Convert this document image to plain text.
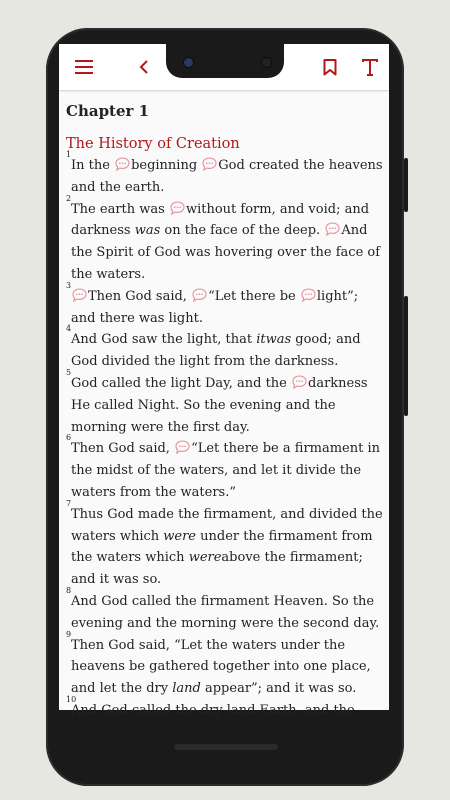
Chapter 1

The History of Creation

1
In the
beginning
God created the heavens and the earth.

2
The earth was
without form, and void; and darkness was on the face of the deep.
And the Spirit of God was hovering over the face of the waters.

3
Then God said,
“Let there be
light”; and there was light.

4
And God saw the light, that itwas good; and God divided the light from the darkness.

5
God called the light Day, and the
darkness He called Night. So the evening and the morning were the first day.

6
Then God said,
“Let there be a firmament in the midst of the waters, and let it divide the waters from the waters.”

7
Thus God made the firmament, and divided the waters which were under the firmament from the waters which wereabove the firmament; and it was so.

8
And God called the firmament Heaven. So the evening and the morning were the second day.

9
Then God said, “Let the waters under the heavens be gathered together into one place, and let the dry land appear”; and it was so.

10
And God called the dry land Earth, and the
